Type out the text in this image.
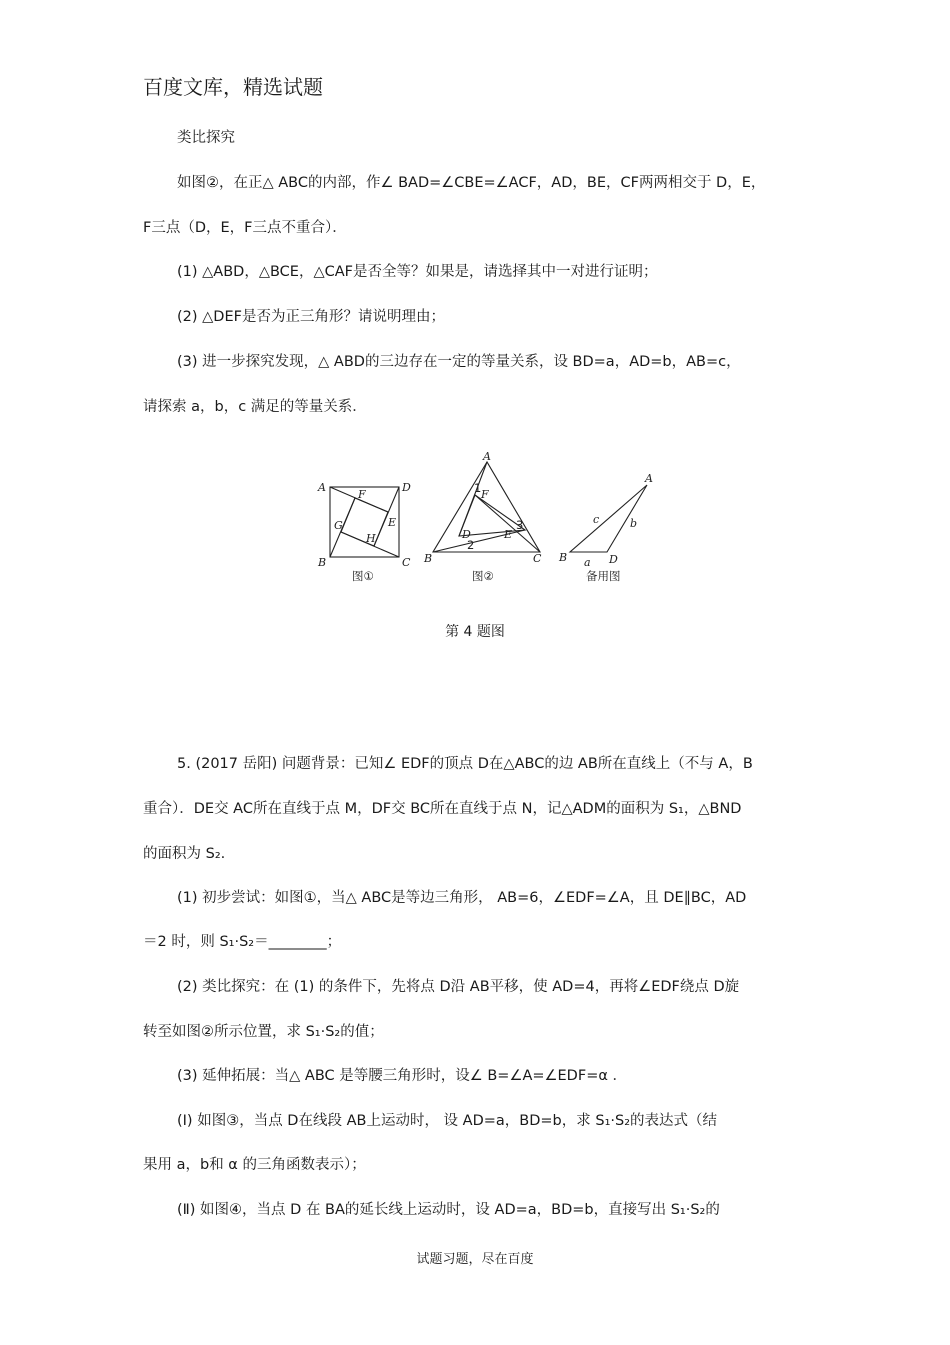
百度文库，精选试题
类比探究
如图②，在正△ ABC的内部，作∠ BAD=∠CBE=∠ACF，AD，BE，CF两两相交于 D，E，
F三点（D，E，F三点不重合）．
(1) △ABD，△BCE，△CAF是否全等？如果是，请选择其中一对进行证明；
(2) △DEF是否为正三角形？请说明理由；
(3) 进一步探究发现，△ ABD的三边存在一定的等量关系，设 BD=a，AD=b，AB=c，
请探索 a，b，c 满足的等量关系．
A	D
B	C
F
G	E
H
图①
A
B	C
F
D	E
1
2
3
图②
A
B	D
c	b
a
备用图
第 4 题图
5. (2017 岳阳) 问题背景：已知∠ EDF的顶点 D在△ABC的边 AB所在直线上（不与 A，B
重合）．DE交 AC所在直线于点 M，DF交 BC所在直线于点 N，记△ADM的面积为 S₁，△BND
的面积为 S₂.
(1) 初步尝试：如图①，当△ ABC是等边三角形， AB=6，∠EDF=∠A，且 DE∥BC，AD
＝2 时，则 S₁·S₂＝________；
(2) 类比探究：在 (1) 的条件下，先将点 D沿 AB平移，使 AD=4，再将∠EDF绕点 D旋
转至如图②所示位置，求 S₁·S₂的值；
(3) 延伸拓展：当△ ABC 是等腰三角形时，设∠ B=∠A=∠EDF=α ．
(Ⅰ) 如图③，当点 D在线段 AB上运动时， 设 AD=a，BD=b，求 S₁·S₂的表达式（结
果用 a，b和 α 的三角函数表示）；
(Ⅱ) 如图④，当点 D 在 BA的延长线上运动时，设 AD=a，BD=b，直接写出 S₁·S₂的
试题习题，尽在百度
